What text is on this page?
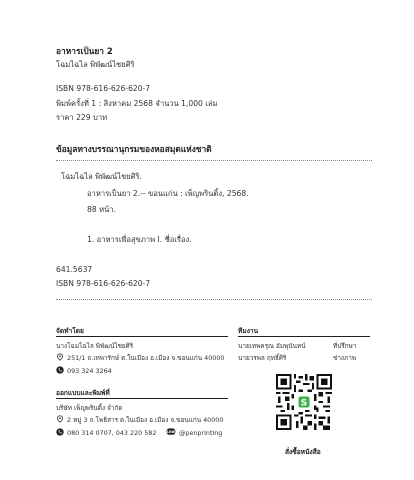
อาหารเป็นยา 2
โฉมไฉไล พิพัฒน์ไชยศิริ
ISBN 978-616-626-620-7
พิมพ์ครั้งที่ 1 : สิงหาคม 2568 จำนวน 1,000 เล่ม
ราคา 229 บาท
ข้อมูลทางบรรณานุกรมของหอสมุดแห่งชาติ
โฉมไฉไล พิพัฒน์ไชยศิริ.
อาหารเป็นยา 2.-- ขอนแก่น : เพ็ญพรินติ้ง, 2568.
88 หน้า.
1. อาหารเพื่อสุขภาพ I. ชื่อเรื่อง.
641.5637
ISBN 978-616-626-620-7
จัดทำโดย
นางโฉมไฉไล พิพัฒน์ไชยศิริ
251/1 ถ.เทพารักษ์ ต.ในเมือง อ.เมือง จ.ขอนแก่น 40000
093 324 3264
ออกแบบและพิมพ์ที่
บริษัท เพ็ญพรินติ้ง จำกัด
2 หมู่ 3 ถ.โพธิสาร ต.ในเมือง อ.เมือง จ.ขอนแก่น 40000
080 314 0707, 043 220 582 LINE @penprinting
ทีมงาน
นายเทพครุณ อัมพุนันทน์	ที่ปรึกษา
นายวรพล ฤทธิ์ศิริ	ช่างภาพ
S
สั่งซื้อหนังสือ
